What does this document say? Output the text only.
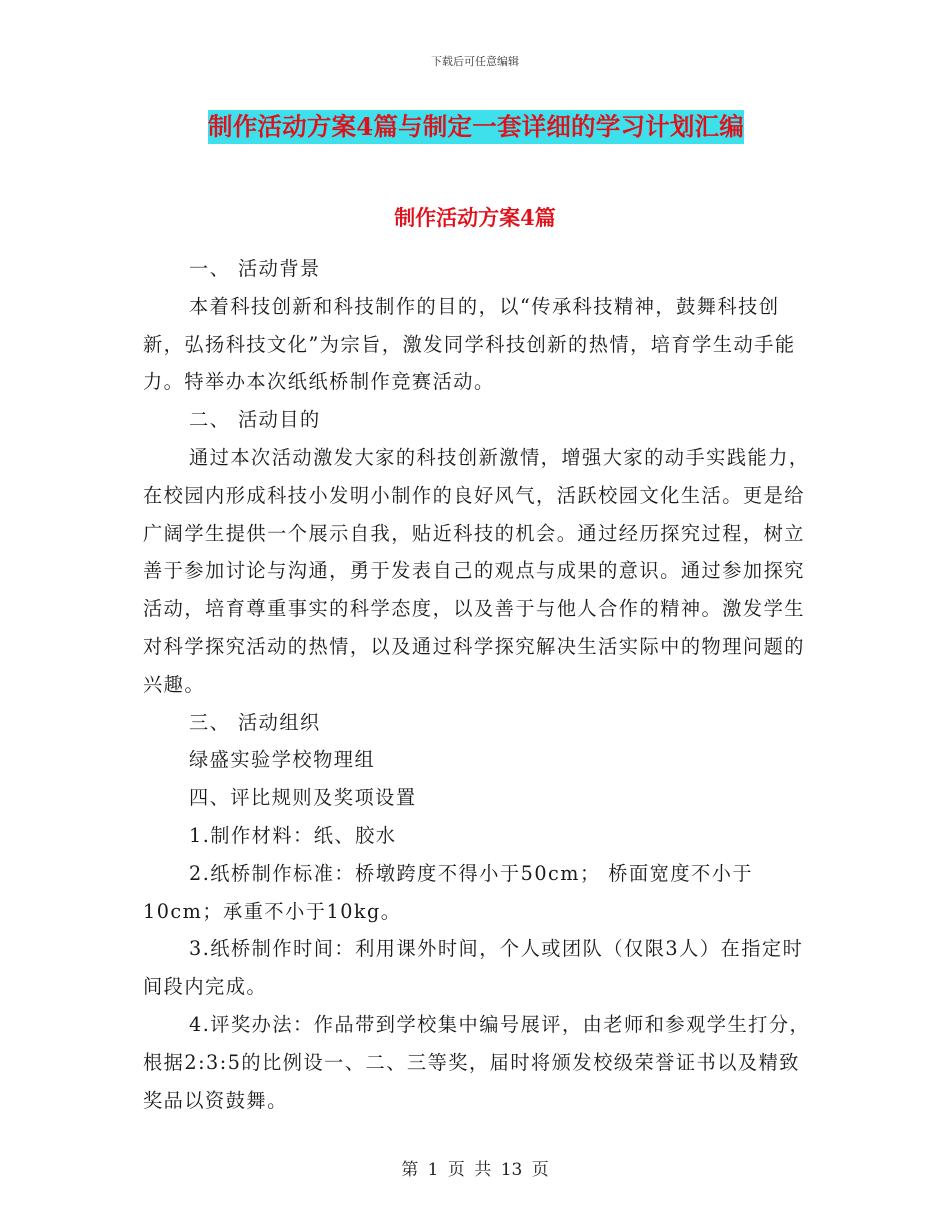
下载后可任意编辑
制作活动方案4篇与制定一套详细的学习计划汇编
制作活动方案4篇

一、 活动背景

本着科技创新和科技制作的目的，以“传承科技精神，鼓舞科技创新，弘扬科技文化”为宗旨，激发同学科技创新的热情，培育学生动手能力。特举办本次纸纸桥制作竞赛活动。

二、 活动目的

通过本次活动激发大家的科技创新激情，增强大家的动手实践能力，在校园内形成科技小发明小制作的良好风气，活跃校园文化生活。更是给广阔学生提供一个展示自我，贴近科技的机会。通过经历探究过程，树立善于参加讨论与沟通，勇于发表自己的观点与成果的意识。通过参加探究活动，培育尊重事实的科学态度，以及善于与他人合作的精神。激发学生对科学探究活动的热情，以及通过科学探究解决生活实际中的物理问题的兴趣。

三、 活动组织

绿盛实验学校物理组

四、评比规则及奖项设置

1.制作材料：纸、胶水

2.纸桥制作标准：桥墩跨度不得小于50cm； 桥面宽度不小于10cm；承重不小于10kg。

3.纸桥制作时间：利用课外时间，个人或团队（仅限3人）在指定时间段内完成。

4.评奖办法：作品带到学校集中编号展评，由老师和参观学生打分，根据2:3:5的比例设一、二、三等奖，届时将颁发校级荣誉证书以及精致奖品以资鼓舞。

第 1 页 共 13 页
